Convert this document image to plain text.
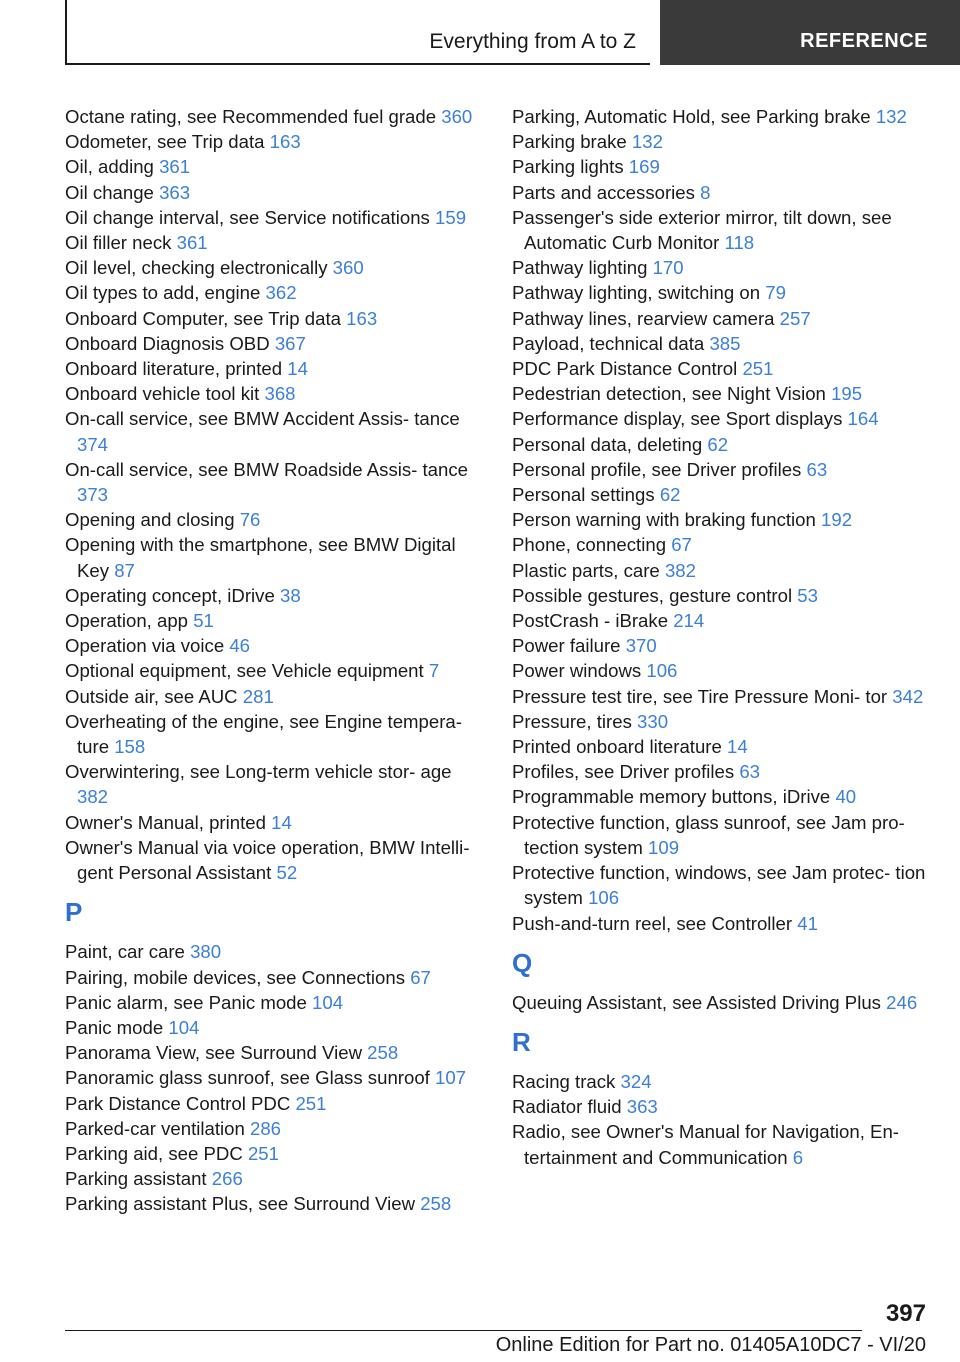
Everything from A to Z	REFERENCE
Octane rating, see Recommended fuel grade 360
Odometer, see Trip data 163
Oil, adding 361
Oil change 363
Oil change interval, see Service notifications 159
Oil filler neck 361
Oil level, checking electronically 360
Oil types to add, engine 362
Onboard Computer, see Trip data 163
Onboard Diagnosis OBD 367
Onboard literature, printed 14
Onboard vehicle tool kit 368
On-call service, see BMW Accident Assis‐ tance 374
On-call service, see BMW Roadside Assis‐ tance 373
Opening and closing 76
Opening with the smartphone, see BMW Digital Key 87
Operating concept, iDrive 38
Operation, app 51
Operation via voice 46
Optional equipment, see Vehicle equipment 7
Outside air, see AUC 281
Overheating of the engine, see Engine tempera‐ ture 158
Overwintering, see Long-term vehicle stor‐ age 382
Owner's Manual, printed 14
Owner's Manual via voice operation, BMW Intelli‐ gent Personal Assistant 52
P
Paint, car care 380
Pairing, mobile devices, see Connections 67
Panic alarm, see Panic mode 104
Panic mode 104
Panorama View, see Surround View 258
Panoramic glass sunroof, see Glass sunroof 107
Park Distance Control PDC 251
Parked-car ventilation 286
Parking aid, see PDC 251
Parking assistant 266
Parking assistant Plus, see Surround View 258
Parking, Automatic Hold, see Parking brake 132
Parking brake 132
Parking lights 169
Parts and accessories 8
Passenger's side exterior mirror, tilt down, see Automatic Curb Monitor 118
Pathway lighting 170
Pathway lighting, switching on 79
Pathway lines, rearview camera 257
Payload, technical data 385
PDC Park Distance Control 251
Pedestrian detection, see Night Vision 195
Performance display, see Sport displays 164
Personal data, deleting 62
Personal profile, see Driver profiles 63
Personal settings 62
Person warning with braking function 192
Phone, connecting 67
Plastic parts, care 382
Possible gestures, gesture control 53
PostCrash - iBrake 214
Power failure 370
Power windows 106
Pressure test tire, see Tire Pressure Moni‐ tor 342
Pressure, tires 330
Printed onboard literature 14
Profiles, see Driver profiles 63
Programmable memory buttons, iDrive 40
Protective function, glass sunroof, see Jam pro‐ tection system 109
Protective function, windows, see Jam protec‐ tion system 106
Push-and-turn reel, see Controller 41
Q
Queuing Assistant, see Assisted Driving Plus 246
R
Racing track 324
Radiator fluid 363
Radio, see Owner's Manual for Navigation, En‐ tertainment and Communication 6
397
Online Edition for Part no. 01405A10DC7 - VI/20
